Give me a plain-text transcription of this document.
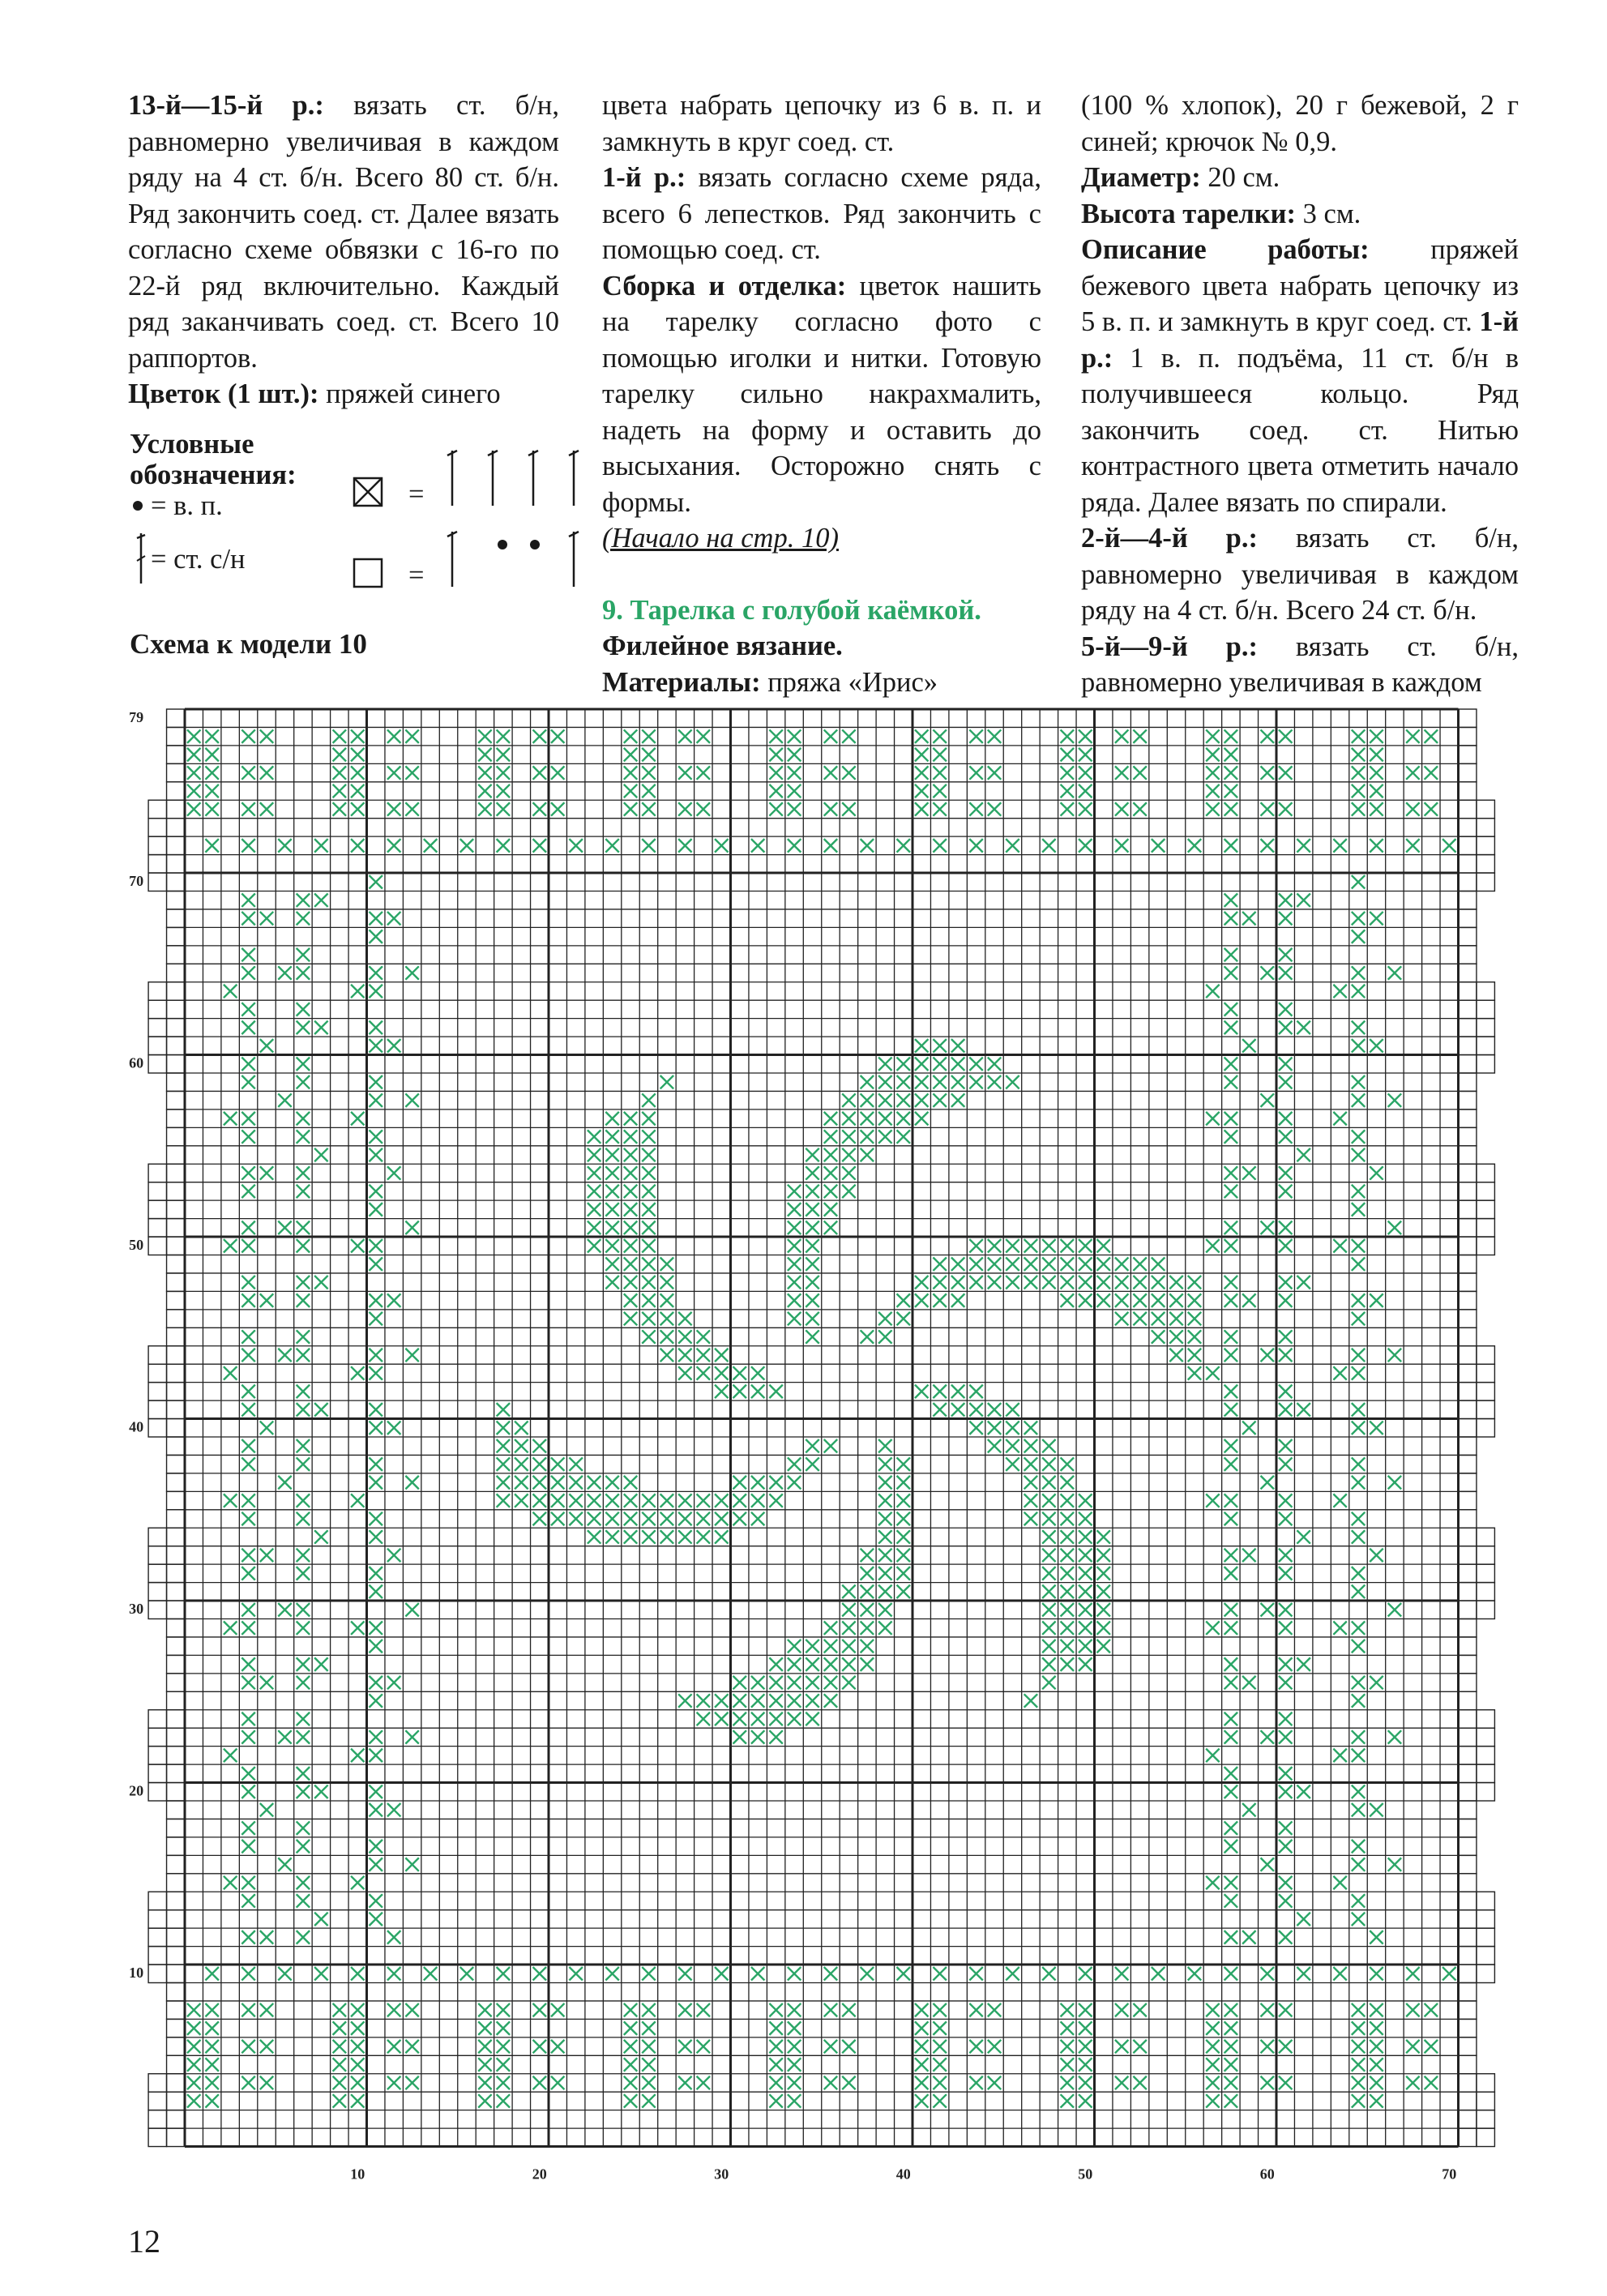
13-й—15-й р.: вязать ст. б/н, равномерно увеличивая в каждом ряду на 4 ст. б/н. Всего 80 ст. б/н. Ряд закончить соед. ст. Далее вязать согласно схеме обвязки с 16-го по 22-й ряд включительно. Каждый ряд заканчивать соед. ст. Всего 10 раппортов.

Цветок (1 шт.): пряжей синего

Условные
обозначения:
= в. п.
= ст. с/н
=
=
Схема к модели 10

цвета набрать цепочку из 6 в. п. и замкнуть в круг соед. ст.

1-й р.: вязать согласно схеме ряда, всего 6 лепестков. Ряд закончить с помощью соед. ст.

Сборка и отделка: цветок нашить на тарелку согласно фото с помощью иголки и нитки. Готовую тарелку сильно накрахмалить, надеть на форму и оставить до высыхания. Осторожно снять с формы.

(Начало на стр. 10)

9. Тарелка с голубой каёмкой.

Филейное вязание.

Материалы: пряжа «Ирис»

(100 % хлопок), 20 г бежевой, 2 г синей; крючок № 0,9.

Диаметр: 20 см.

Высота тарелки: 3 см.

Описание работы: пряжей бежевого цвета набрать цепочку из 5 в. п. и замкнуть в круг соед. ст. 1-й р.: 1 в. п. подъёма, 11 ст. б/н в получившееся кольцо. Ряд закончить соед. ст. Нитью контрастного цвета отметить начало ряда. Далее вязать по спирали.

2-й—4-й р.: вязать ст. б/н, равномерно увеличивая в каждом ряду на 4 ст. б/н. Всего 24 ст. б/н.

5-й—9-й р.: вязать ст. б/н, равномерно увеличивая в каждом

10	20	30	40	50	60	70
10
20
30
40
50
60
70
79
12
